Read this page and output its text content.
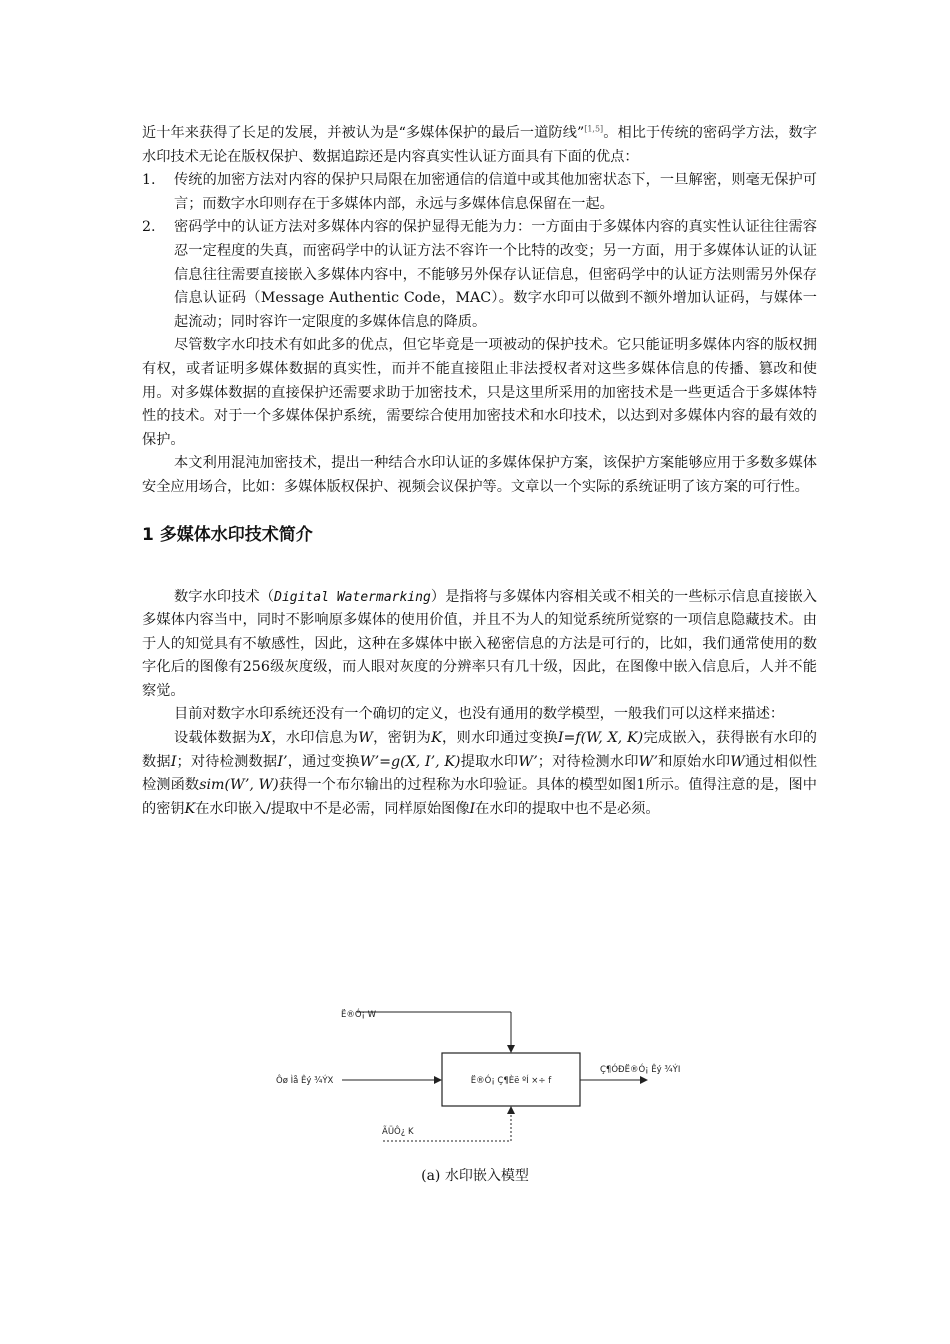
近十年来获得了长足的发展，并被认为是“多媒体保护的最后一道防线”[1,5]。相比于传统的密码学方法，数字水印技术无论在版权保护、数据追踪还是内容真实性认证方面具有下面的优点：

1.	传统的加密方法对内容的保护只局限在加密通信的信道中或其他加密状态下，一旦解密，则毫无保护可言；而数字水印则存在于多媒体内部，永远与多媒体信息保留在一起。

2.	密码学中的认证方法对多媒体内容的保护显得无能为力：一方面由于多媒体内容的真实性认证往往需容忍一定程度的失真，而密码学中的认证方法不容许一个比特的改变；另一方面，用于多媒体认证的认证信息往往需要直接嵌入多媒体内容中，不能够另外保存认证信息，但密码学中的认证方法则需另外保存信息认证码（Message Authentic Code，MAC）。数字水印可以做到不额外增加认证码，与媒体一起流动；同时容许一定限度的多媒体信息的降质。

尽管数字水印技术有如此多的优点，但它毕竟是一项被动的保护技术。它只能证明多媒体内容的版权拥有权，或者证明多媒体数据的真实性，而并不能直接阻止非法授权者对这些多媒体信息的传播、篡改和使用。对多媒体数据的直接保护还需要求助于加密技术，只是这里所采用的加密技术是一些更适合于多媒体特性的技术。对于一个多媒体保护系统，需要综合使用加密技术和水印技术，以达到对多媒体内容的最有效的保护。

本文利用混沌加密技术，提出一种结合水印认证的多媒体保护方案，该保护方案能够应用于多数多媒体安全应用场合，比如：多媒体版权保护、视频会议保护等。文章以一个实际的系统证明了该方案的可行性。

1 多媒体水印技术简介

数字水印技术（Digital Watermarking）是指将与多媒体内容相关或不相关的一些标示信息直接嵌入多媒体内容当中，同时不影响原多媒体的使用价值，并且不为人的知觉系统所觉察的一项信息隐藏技术。由于人的知觉具有不敏感性，因此，这种在多媒体中嵌入秘密信息的方法是可行的，比如，我们通常使用的数字化后的图像有256级灰度级，而人眼对灰度的分辨率只有几十级，因此，在图像中嵌入信息后，人并不能察觉。

目前对数字水印系统还没有一个确切的定义，也没有通用的数学模型，一般我们可以这样来描述：

设载体数据为X，水印信息为W，密钥为K，则水印通过变换I=f(W, X, K)完成嵌入，获得嵌有水印的数据I；对待检测数据I’，通过变换W’=g(X, I’, K)提取水印W’；对待检测水印W’和原始水印W通过相似性检测函数sim(W’, W)获得一个布尔输出的过程称为水印验证。具体的模型如图1所示。值得注意的是，图中的密钥K在水印嵌入/提取中不是必需，同样原始图像I在水印的提取中也不是必须。

Ë®Ó¡ W
Ôø Ìå Êý ¾ÝX	Ë®Ó¡ Ç¶Èë ºÍ ×÷ f
Ç¶ÓÐË®Ó¡ Êý ¾ÝI
ÃÜÔ¿ K
(a) 水印嵌入模型
